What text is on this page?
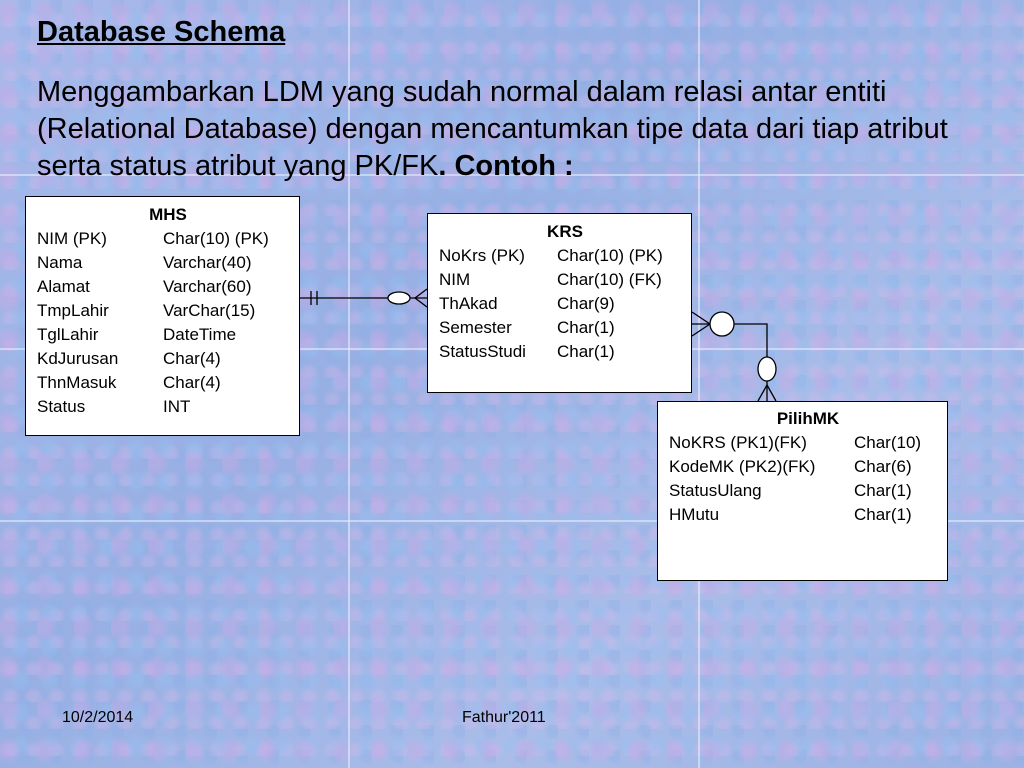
Database Schema

Menggambarkan LDM yang sudah normal dalam relasi antar entiti (Relational Database) dengan mencantumkan tipe data dari tiap atribut serta status atribut yang PK/FK. Contoh :

MHS
NIM (PK)	Char(10) (PK)
Nama	Varchar(40)
Alamat	Varchar(60)
TmpLahir	VarChar(15)
TglLahir	DateTime
KdJurusan	Char(4)
ThnMasuk	Char(4)
Status	INT
KRS
NoKrs (PK)	Char(10) (PK)
NIM	Char(10) (FK)
ThAkad	Char(9)
Semester	Char(1)
StatusStudi	Char(1)
PilihMK
NoKRS (PK1)(FK)	Char(10)
KodeMK (PK2)(FK)	Char(6)
StatusUlang	Char(1)
HMutu	Char(1)
10/2/2014	Fathur'2011
